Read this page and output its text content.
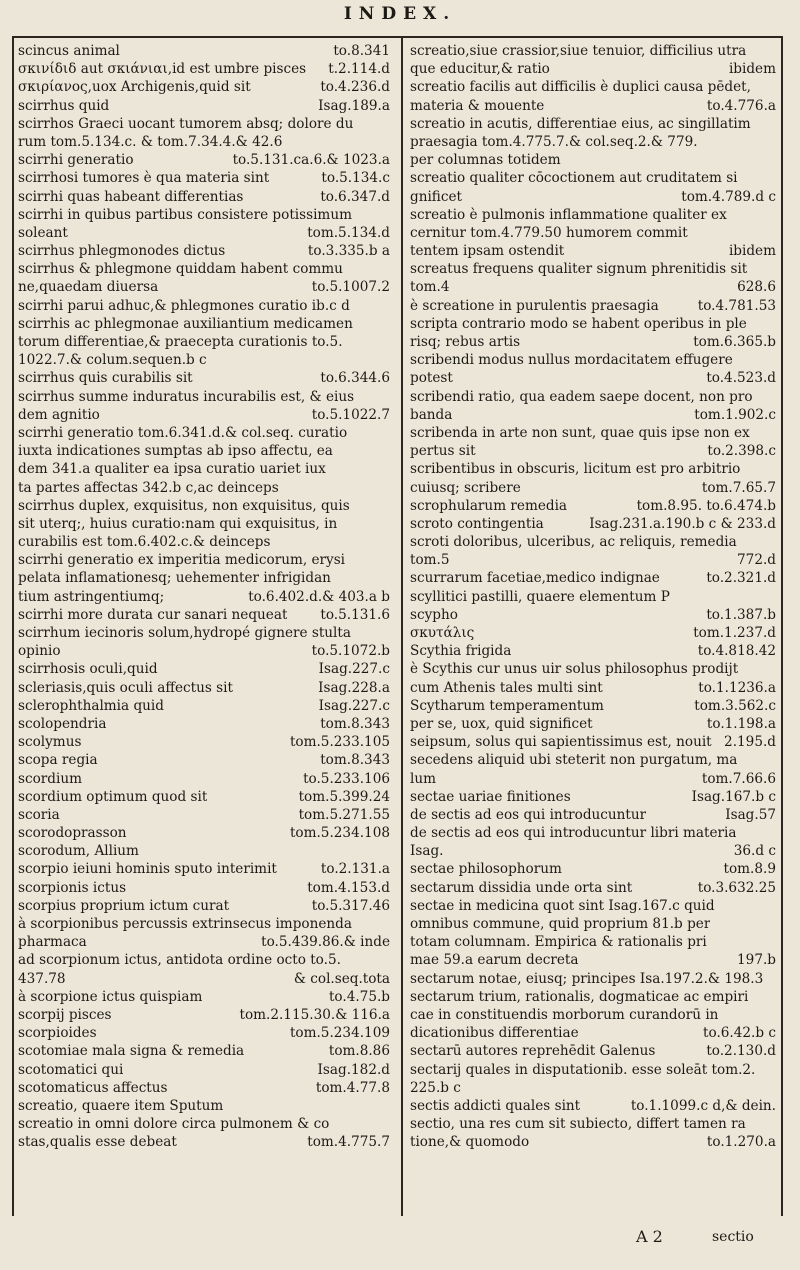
INDEX.
scincus animal	to.8.341
σκινίδιδ aut σκιάνιαι,id est umbre pisces	t.2.114.d
σκιρίανος,uox Archigenis,quid sit	to.4.236.d
scirrhus quid	Isag.189.a
scirrhos Graeci uocant tumorem absq; dolore du
rum tom.5.134.c. & tom.7.34.4.& 42.6
scirrhi generatio	to.5.131.ca.6.& 1023.a
scirrhosi tumores è qua materia sint	to.5.134.c
scirrhi quas habeant differentias	to.6.347.d
scirrhi in quibus partibus consistere potissimum
soleant	tom.5.134.d
scirrhus phlegmonodes dictus	to.3.335.b a
scirrhus & phlegmone quiddam habent commu
ne,quaedam diuersa	to.5.1007.2
scirrhi parui adhuc,& phlegmones curatio ib.c d
scirrhis ac phlegmonae auxiliantium medicamen
torum differentiae,& praecepta curationis to.5.
1022.7.& colum.sequen.b c
scirrhus quis curabilis sit	to.6.344.6
scirrhus summe induratus incurabilis est, & eius
dem agnitio	to.5.1022.7
scirrhi generatio tom.6.341.d.& col.seq. curatio
iuxta indicationes sumptas ab ipso affectu, ea
dem 341.a qualiter ea ipsa curatio uariet iux
ta partes affectas 342.b c,ac deinceps
scirrhus duplex, exquisitus, non exquisitus, quis
sit uterq;, huius curatio:nam qui exquisitus, in
curabilis est tom.6.402.c.& deinceps
scirrhi generatio ex imperitia medicorum, erysi
pelata inflamationesq; uehementer infrigidan
tium astringentiumq;	to.6.402.d.& 403.a b
scirrhi more durata cur sanari nequeat	to.5.131.6
scirrhum iecinoris solum,hydropé gignere stulta
opinio	to.5.1072.b
scirrhosis oculi,quid	Isag.227.c
scleriasis,quis oculi affectus sit	Isag.228.a
sclerophthalmia quid	Isag.227.c
scolopendria	tom.8.343
scolymus	tom.5.233.105
scopa regia	tom.8.343
scordium	to.5.233.106
scordium optimum quod sit	tom.5.399.24
scoria	tom.5.271.55
scorodoprasson	tom.5.234.108
scorodum, Allium
scorpio ieiuni hominis sputo interimit	to.2.131.a
scorpionis ictus	tom.4.153.d
scorpius proprium ictum curat	to.5.317.46
à scorpionibus percussis extrinsecus imponenda
pharmaca	to.5.439.86.& inde
ad scorpionum ictus, antidota ordine octo to.5.
437.78	& col.seq.tota
à scorpione ictus quispiam	to.4.75.b
scorpij pisces	tom.2.115.30.& 116.a
scorpioides	tom.5.234.109
scotomiae mala signa & remedia	tom.8.86
scotomatici qui	Isag.182.d
scotomaticus affectus	tom.4.77.8
screatio, quaere item Sputum
screatio in omni dolore circa pulmonem & co
stas,qualis esse debeat	tom.4.775.7
screatio,siue crassior,siue tenuior, difficilius utra
que educitur,& ratio	ibidem
screatio facilis aut difficilis è duplici causa pēdet,
materia & mouente	to.4.776.a
screatio in acutis, differentiae eius, ac singillatim
praesagia tom.4.775.7.& col.seq.2.& 779.
per columnas totidem
screatio qualiter cōcoctionem aut cruditatem si
gnificet	tom.4.789.d c
screatio è pulmonis inflammatione qualiter ex
cernitur tom.4.779.50 humorem commit
tentem ipsam ostendit	ibidem
screatus frequens qualiter signum phrenitidis sit
tom.4	628.6
è screatione in purulentis praesagia	to.4.781.53
scripta contrario modo se habent operibus in ple
risq; rebus artis	tom.6.365.b
scribendi modus nullus mordacitatem effugere
potest	to.4.523.d
scribendi ratio, qua eadem saepe docent, non pro
banda	tom.1.902.c
scribenda in arte non sunt, quae quis ipse non ex
pertus sit	to.2.398.c
scribentibus in obscuris, licitum est pro arbitrio
cuiusq; scribere	tom.7.65.7
scrophularum remedia	tom.8.95. to.6.474.b
scroto contingentia	Isag.231.a.190.b c & 233.d
scroti doloribus, ulceribus, ac reliquis, remedia
tom.5	772.d
scurrarum facetiae,medico indignae	to.2.321.d
scyllitici pastilli, quaere elementum P
scypho	to.1.387.b
σκυτάλις	tom.1.237.d
Scythia frigida	to.4.818.42
è Scythis cur unus uir solus philosophus prodijt
cum Athenis tales multi sint	to.1.1236.a
Scytharum temperamentum	tom.3.562.c
per se, uox, quid significet	to.1.198.a
seipsum, solus qui sapientissimus est, nouit 2.195.d
secedens aliquid ubi steterit non purgatum, ma
lum	tom.7.66.6
sectae uariae finitiones	Isag.167.b c
de sectis ad eos qui introducuntur	Isag.57
de sectis ad eos qui introducuntur libri materia
Isag.	36.d c
sectae philosophorum	tom.8.9
sectarum dissidia unde orta sint	to.3.632.25
sectae in medicina quot sint Isag.167.c quid
omnibus commune, quid proprium 81.b per
totam columnam. Empirica & rationalis pri
mae 59.a earum decreta	197.b
sectarum notae, eiusq; principes Isa.197.2.& 198.3
sectarum trium, rationalis, dogmaticae ac empiri
cae in constituendis morborum curandorū in
dicationibus differentiae	to.6.42.b c
sectarū autores reprehēdit Galenus	to.2.130.d
sectarij quales in disputationib. esse soleāt tom.2.
225.b c
sectis addicti quales sint	to.1.1099.c d,& dein.
sectio, una res cum sit subiecto, differt tamen ra
tione,& quomodo	to.1.270.a
A 2	sectio
